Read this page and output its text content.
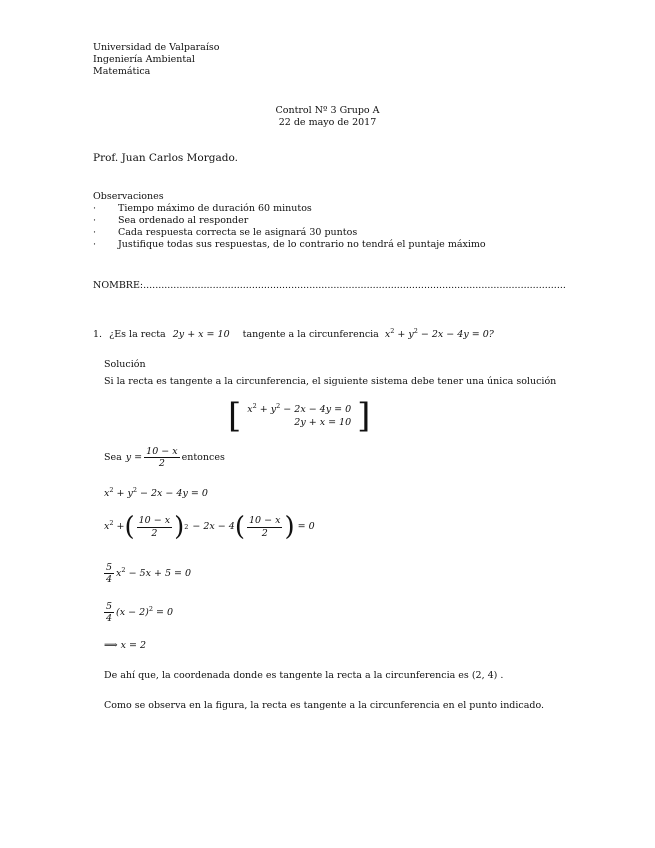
Universidad de Valparaíso
Ingeniería Ambiental
Matemática
Control Nº 3 Grupo A
22 de mayo de 2017
Prof. Juan Carlos Morgado.
Observaciones
·	Tiempo máximo de duración 60 minutos
·	Sea ordenado al responder
·	Cada respuesta correcta se le asignará 30 puntos
·	Justifique todas sus respuestas, de lo contrario no tendrá el puntaje máximo
NOMBRE:............................................................................................................................................
1. ¿Es la recta 2y + x = 10 tangente a la circunferencia $x^2 + y^2 - 2x - 4y = 0$?
Solución
Si la recta es tangente a la circunferencia, el siguiente sistema debe tener una única solución
[ $x^2 + y^2 - 2x - 4y = 0$
2y + x = 10 ]
Sea $y = \frac{10 - x}{2}$ entonces
$x^2 + y^2 - 2x - 4y = 0$
$x^2$ + ( $\frac{10 - x}{2}$ ) 2 − 2x − 4 ( $\frac{10 - x}{2}$ ) = 0
$\frac{5}{4} x^2 - 5x + 5 = 0$
$\frac{5}{4} (x - 2)^2 = 0$
⟹ x = 2
De ahí que, la coordenada donde es tangente la recta a la circunferencia es (2, 4) .
Como se observa en la figura, la recta es tangente a la circunferencia en el punto indicado.
